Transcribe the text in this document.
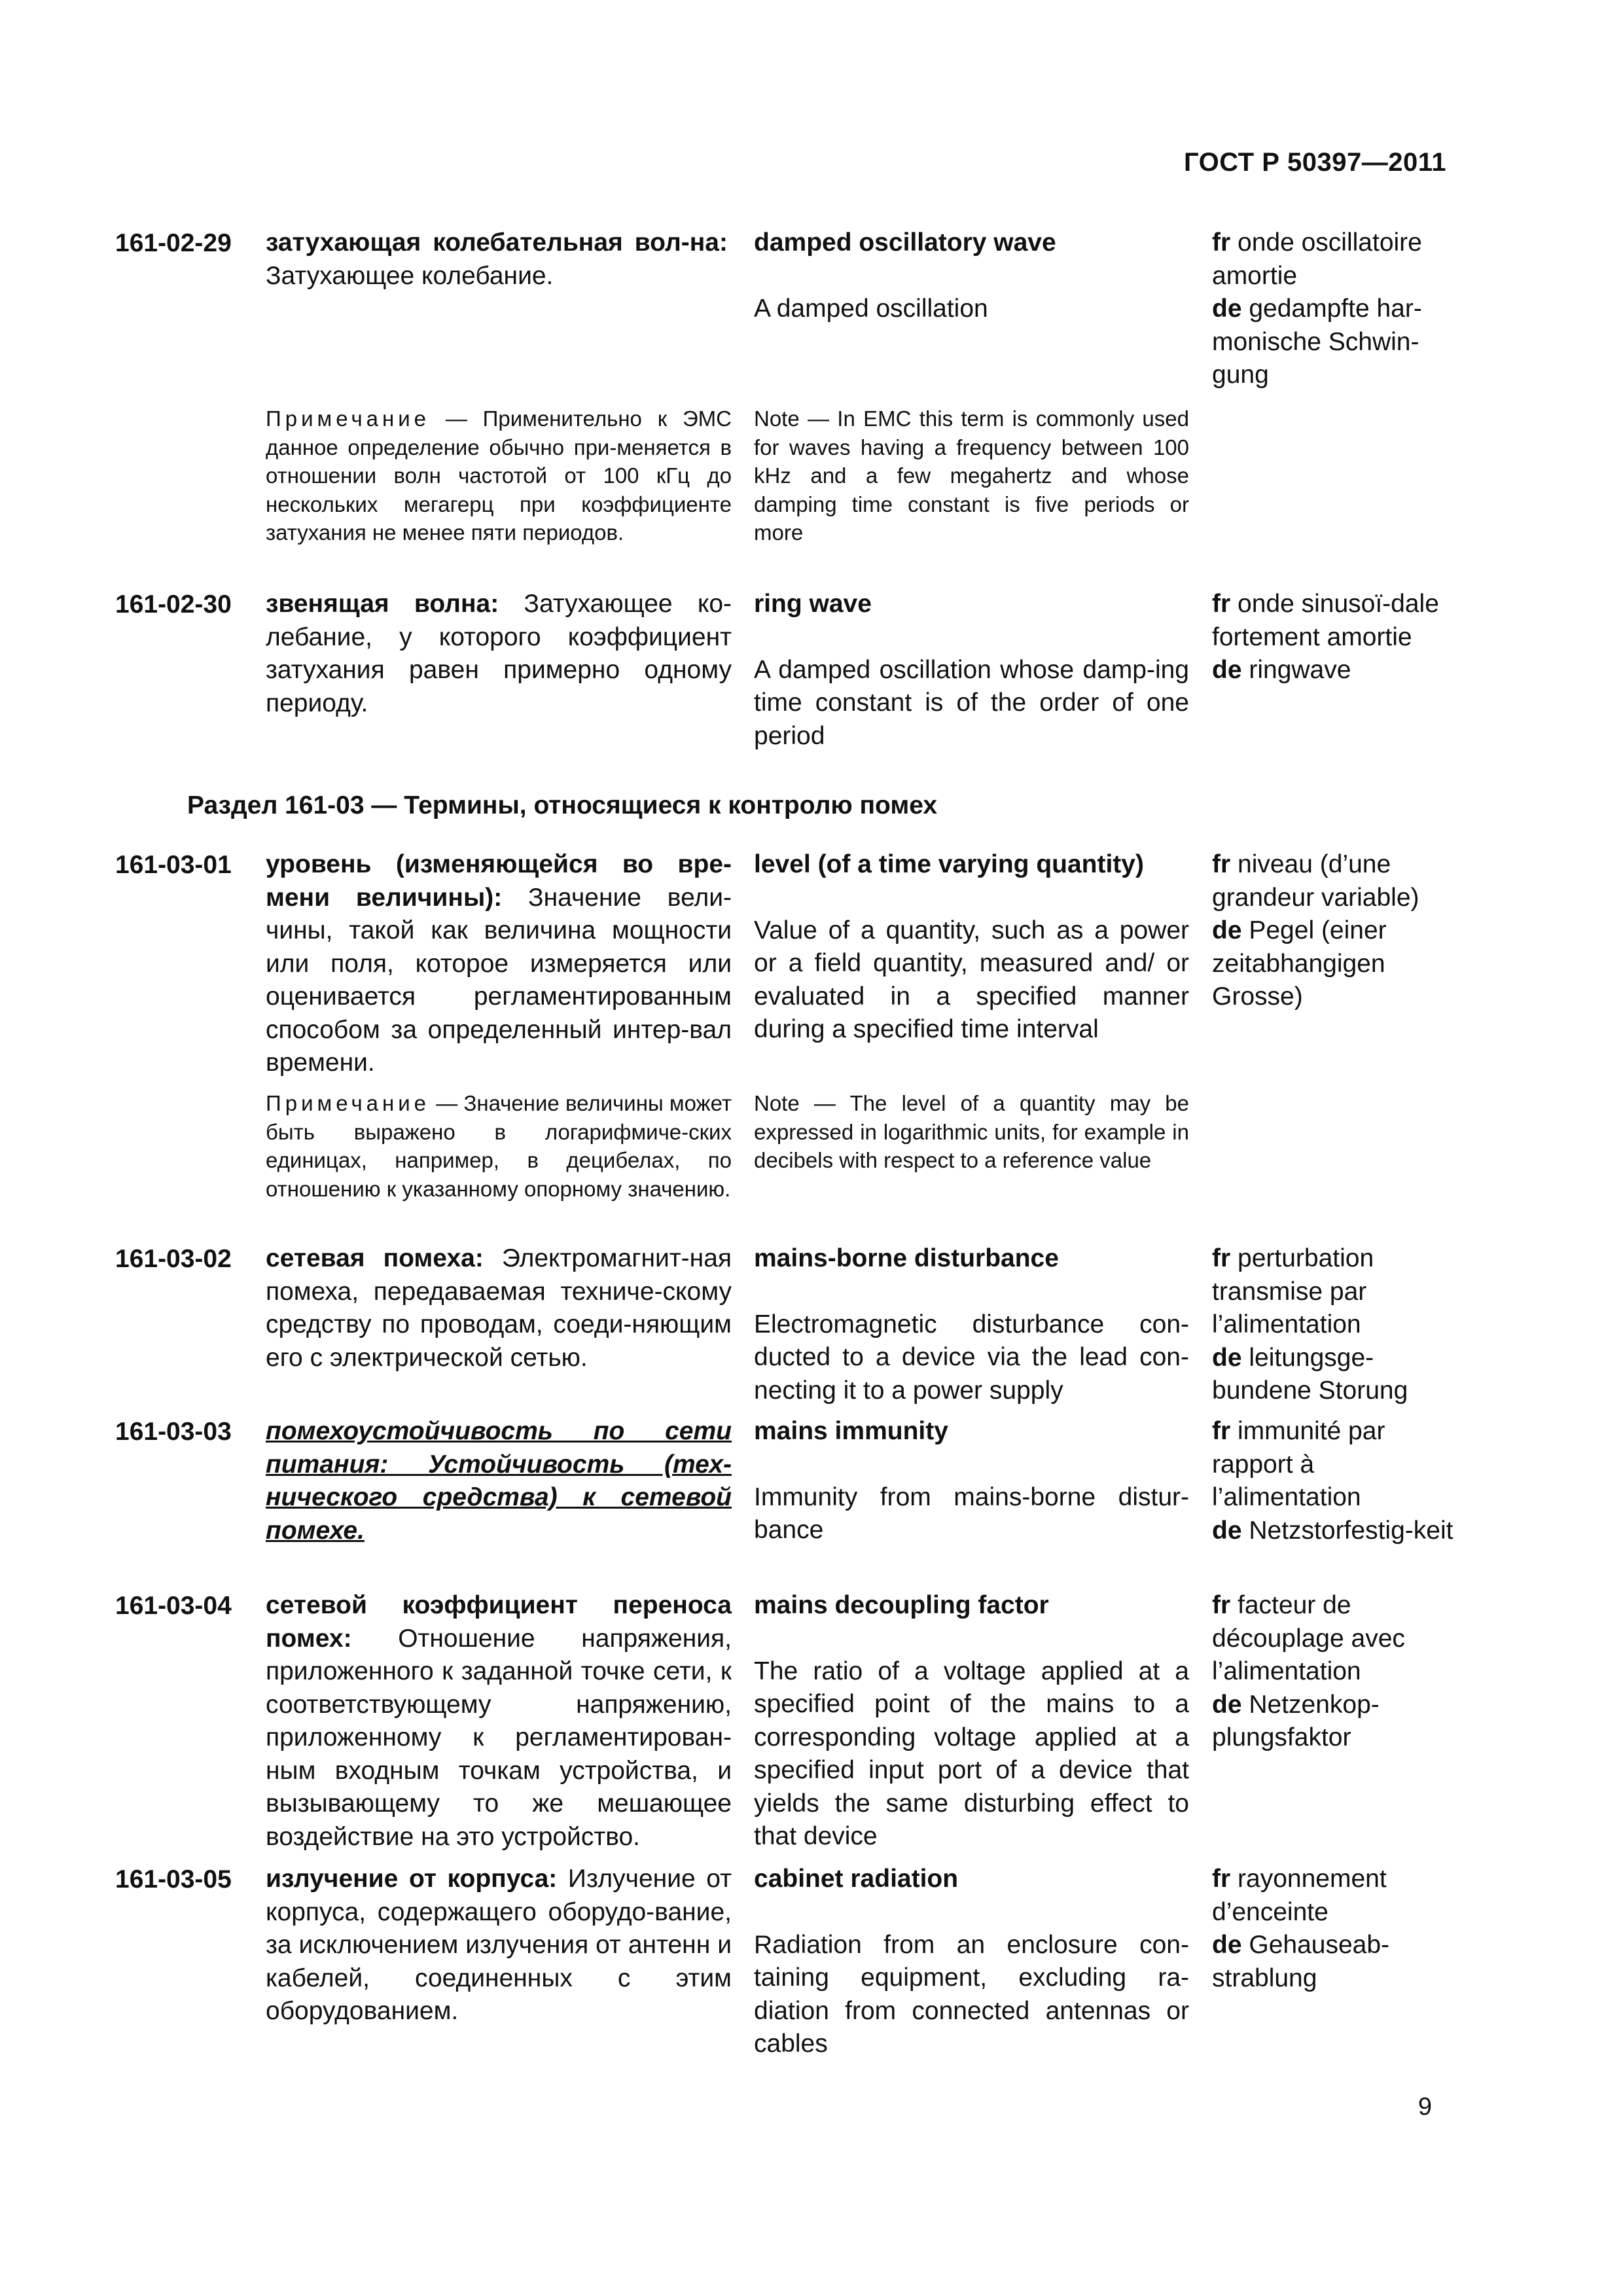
ГОСТ Р 50397—2011
161-02-29 затухающая колебательная вол-на: Затухающее колебание.

damped oscillatory wave

A damped oscillation

fr onde oscillatoire amortie

de gedampfte har-monische Schwin-gung

Примечание — Применительно к ЭМС данное определение обычно при-меняется в отношении волн частотой от 100 кГц до нескольких мегагерц при коэффициенте затухания не менее пяти периодов.
Note — In EMC this term is commonly used for waves having a frequency between 100 kHz and a few megahertz and whose damping time constant is five periods or more
161-02-30 звенящая волна: Затухающее ко-лебание, у которого коэффициент затухания равен примерно одному периоду.

ring wave

A damped oscillation whose damp-ing time constant is of the order of one period

fr onde sinusoï-dale fortement amortie

de ringwave

Раздел 161-03 — Термины, относящиеся к контролю помех
161-03-01 уровень (изменяющейся во вре-мени величины): Значение вели-чины, такой как величина мощности или поля, которое измеряется или оценивается регламентированным способом за определенный интер-вал времени.

level (of a time varying quantity)

Value of a quantity, such as a power or a field quantity, measured and/ or evaluated in a specified manner during a specified time interval

fr niveau (d’une grandeur variable)

de Pegel (einer zeitabhangigen Grosse)

Примечание — Значение величины может быть выражено в логарифмиче-ских единицах, например, в децибелах, по отношению к указанному опорному значению.
Note — The level of a quantity may be expressed in logarithmic units, for example in decibels with respect to a reference value
161-03-02 сетевая помеха: Электромагнит-ная помеха, передаваемая техниче-скому средству по проводам, соеди-няющим его с электрической сетью.

mains-borne disturbance

Electromagnetic disturbance con-ducted to a device via the lead con-necting it to a power supply

fr perturbation transmise par l’alimentation

de leitungsge-bundene Storung

161-03-03 помехоустойчивость по сети питания: Устойчивость (тех-нического средства) к сетевой помехе.

mains immunity

Immunity from mains-borne distur-bance

fr immunité par rapport à l’alimentation

de Netzstorfestig-keit

161-03-04 сетевой коэффициент переноса помех: Отношение напряжения, приложенного к заданной точке сети, к соответствующему напряжению, приложенному к регламентирован-ным входным точкам устройства, и вызывающему то же мешающее воздействие на это устройство.

mains decoupling factor

The ratio of a voltage applied at a specified point of the mains to a corresponding voltage applied at a specified input port of a device that yields the same disturbing effect to that device

fr facteur de découplage avec l’alimentation

de Netzenkop-plungsfaktor

161-03-05 излучение от корпуса: Излучение от корпуса, содержащего оборудо-вание, за исключением излучения от антенн и кабелей, соединенных с этим оборудованием.

cabinet radiation

Radiation from an enclosure con-taining equipment, excluding ra-diation from connected antennas or cables

fr rayonnement d’enceinte

de Gehauseab-strablung

9
